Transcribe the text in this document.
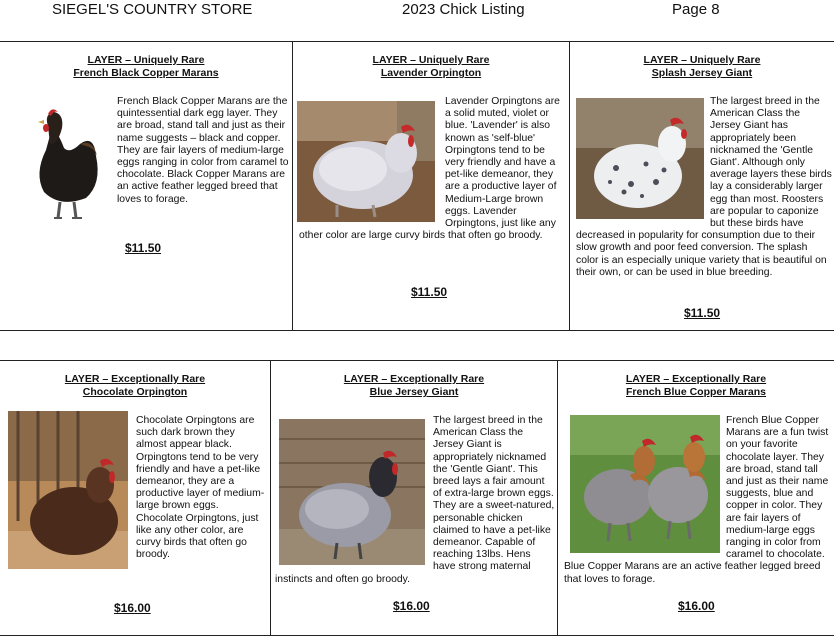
SIEGEL'S COUNTRY STORE	2023 Chick Listing	Page 8
LAYER – Uniquely Rare
French Black Copper Marans
French Black Copper Marans are the quintessential dark egg layer. They are broad, stand tall and just as their name suggests – black and copper. They are fair layers of medium-large eggs ranging in color from caramel to chocolate. Black Copper Marans are an active feather legged breed that loves to forage.
$11.50
LAYER – Uniquely Rare
Lavender Orpington
Lavender Orpingtons are a solid muted, violet or blue. 'Lavender' is also known as 'self-blue' Orpingtons tend to be very friendly and have a pet-like demeanor, they are a productive layer of Medium-Large brown eggs. Lavender Orpingtons, just like any other color are large curvy birds that often go broody.
$11.50
LAYER – Uniquely Rare
Splash Jersey Giant
The largest breed in the American Class the Jersey Giant has appropriately been nicknamed the 'Gentle Giant'. Although only average layers these birds lay a considerably larger egg than most. Roosters are popular to caponize but these birds have decreased in popularity for consumption due to their slow growth and poor feed conversion. The splash color is an especially unique variety that is beautiful on their own, or can be used in blue breeding.
$11.50
LAYER – Exceptionally Rare
Chocolate Orpington
Chocolate Orpingtons are such dark brown they almost appear black. Orpingtons tend to be very friendly and have a pet-like demeanor, they are a productive layer of medium-large brown eggs. Chocolate Orpingtons, just like any other color, are curvy birds that often go broody.
$16.00
LAYER – Exceptionally Rare
Blue Jersey Giant
The largest breed in the American Class the Jersey Giant is appropriately nicknamed the 'Gentle Giant'. This breed lays a fair amount of extra-large brown eggs. They are a sweet-natured, personable chicken claimed to have a pet-like demeanor. Capable of reaching 13lbs. Hens have strong maternal instincts and often go broody.
$16.00
LAYER – Exceptionally Rare
French Blue Copper Marans
French Blue Copper Marans are a fun twist on your favorite chocolate layer. They are broad, stand tall and just as their name suggests, blue and copper in color. They are fair layers of medium-large eggs ranging in color from caramel to chocolate. Blue Copper Marans are an active feather legged breed that loves to forage.
$16.00
